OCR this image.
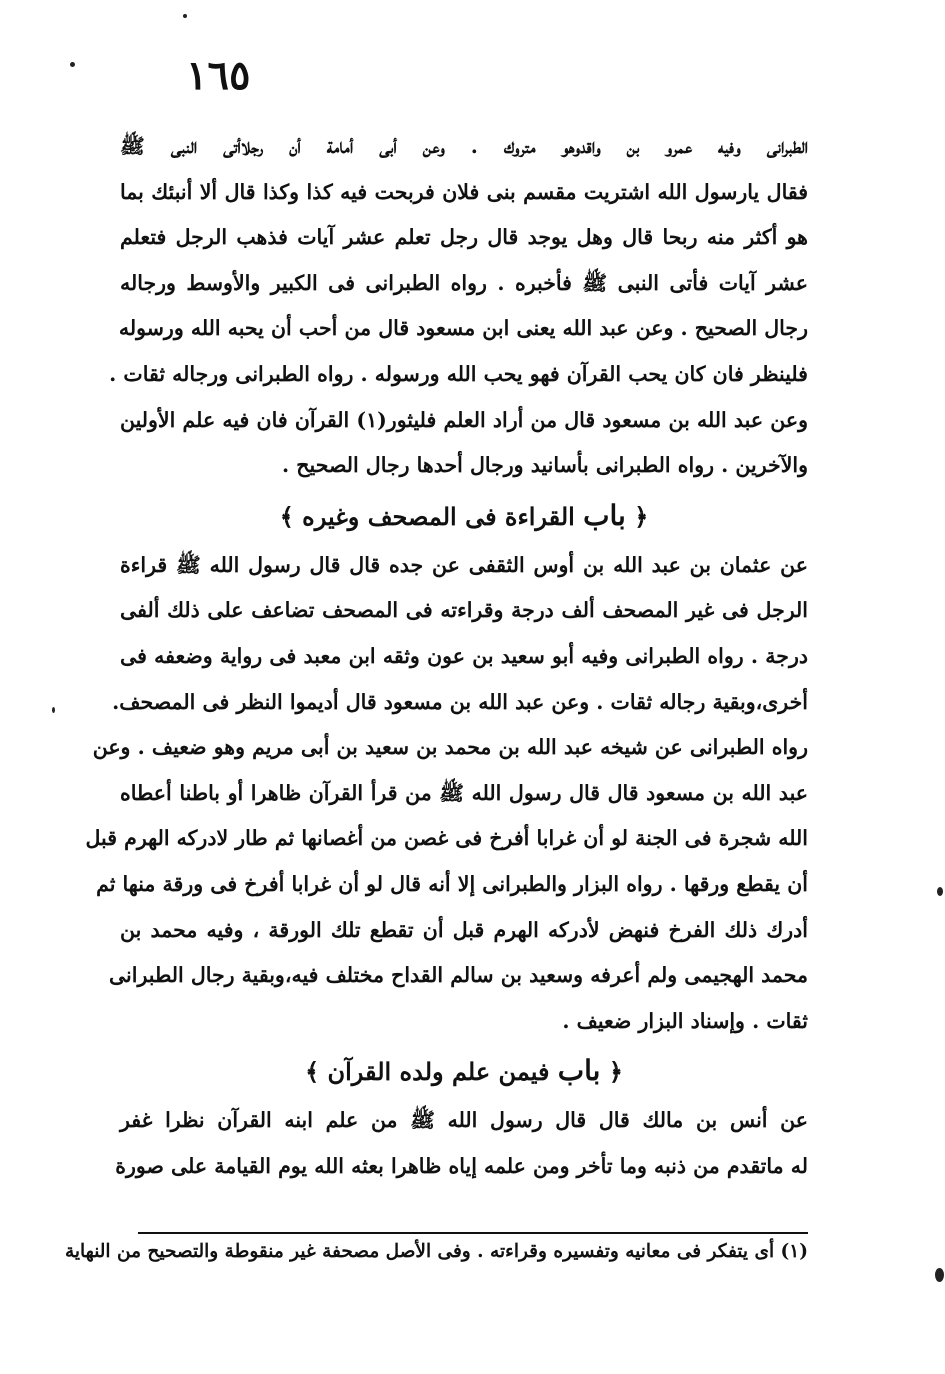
١٦٥
الطبرانى وفيه عمرو بن واقدوهو متروك . وعن أبى أمامة أن رجلاأتى النبى ﷺ
فقال يارسول الله اشتريت مقسم بنى فلان فربحت فيه كذا وكذا قال ألا أنبئك بما
هو أكثر منه ربحا قال وهل يوجد قال رجل تعلم عشر آيات فذهب الرجل فتعلم
عشر آيات فأتى النبى ﷺ فأخبره . رواه الطبرانى فى الكبير والأوسط ورجاله
رجال الصحيح . وعن عبد الله يعنى ابن مسعود قال من أحب أن يحبه الله ورسوله
فلينظر فان كان يحب القرآن فهو يحب الله ورسوله . رواه الطبرانى ورجاله ثقات .
وعن عبد الله بن مسعود قال من أراد العلم فليثور(١) القرآن فان فيه علم الأولين
والآخرين . رواه الطبرانى بأسانيد ورجال أحدها رجال الصحيح .
﴿ باب القراءة فى المصحف وغيره ﴾
عن عثمان بن عبد الله بن أوس الثقفى عن جده قال قال رسول الله ﷺ قراءة
الرجل فى غير المصحف ألف درجة وقراءته فى المصحف تضاعف على ذلك ألفى
درجة . رواه الطبرانى وفيه أبو سعيد بن عون وثقه ابن معبد فى رواية وضعفه فى
أخرى،وبقية رجاله ثقات . وعن عبد الله بن مسعود قال أديموا النظر فى المصحف.
رواه الطبرانى عن شيخه عبد الله بن محمد بن سعيد بن أبى مريم وهو ضعيف . وعن
عبد الله بن مسعود قال قال رسول الله ﷺ من قرأ القرآن ظاهرا أو باطنا أعطاه
الله شجرة فى الجنة لو أن غرابا أفرخ فى غصن من أغصانها ثم طار لادركه الهرم قبل
أن يقطع ورقها . رواه البزار والطبرانى إلا أنه قال لو أن غرابا أفرخ فى ورقة منها ثم
أدرك ذلك الفرخ فنهض لأدركه الهرم قبل أن تقطع تلك الورقة ، وفيه محمد بن
محمد الهجيمى ولم أعرفه وسعيد بن سالم القداح مختلف فيه،وبقية رجال الطبرانى
ثقات . وإسناد البزار ضعيف .
﴿ باب فيمن علم ولده القرآن ﴾
عن أنس بن مالك قال قال رسول الله ﷺ من علم ابنه القرآن نظرا غفر
له ماتقدم من ذنبه وما تأخر ومن علمه إياه ظاهرا بعثه الله يوم القيامة على صورة
(١) أى يتفكر فى معانيه وتفسيره وقراءته . وفى الأصل مصحفة غير منقوطة والتصحيح من النهاية
